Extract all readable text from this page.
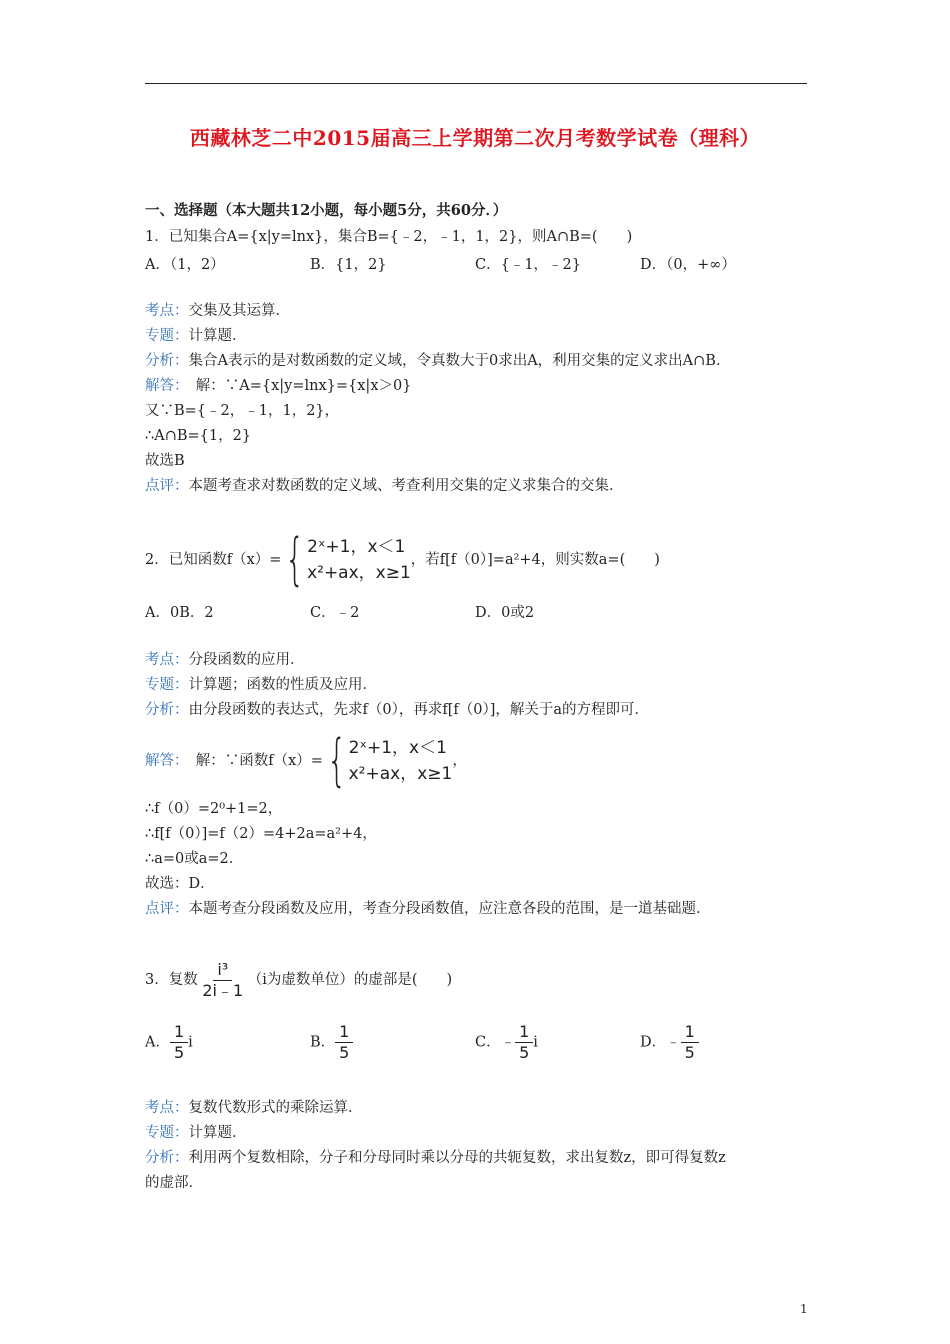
西藏林芝二中2015届高三上学期第二次月考数学试卷（理科）
一、选择题（本大题共12小题，每小题5分，共60分．）
1．已知集合A={x|y=lnx}，集合B={﹣2，﹣1，1，2}，则A∩B=(　　)
A．（1，2）	B．{1，2}	C．{﹣1，﹣2}	D．（0，+∞）
考点：交集及其运算．
专题：计算题．
分析：集合A表示的是对数函数的定义域，令真数大于0求出A，利用交集的定义求出A∩B．
解答：　解：∵A={x|y=lnx}={x|x＞0}
又∵B={﹣2，﹣1，1，2}，
∴A∩B={1，2}
故选B
点评：本题考查求对数函数的定义域、考查利用交集的定义求集合的交集．
2．已知函数f（x）= { 2ˣ+1，x＜1
x²+ax，x≥1
，若f[f（0）]=a²+4，则实数a=(　　)
A．0B．2	C．﹣2	D．0或2
考点：分段函数的应用．
专题：计算题；函数的性质及应用．
分析：由分段函数的表达式，先求f（0），再求f[f（0）]，解关于a的方程即可．
解答：　解：∵函数f（x）= { 2ˣ+1，x＜1
x²+ax，x≥1
，
∴f（0）=2⁰+1=2，
∴f[f（0）]=f（2）=4+2a=a²+4，
∴a=0或a=2．
故选：D．
点评：本题考查分段函数及应用，考查分段函数值，应注意各段的范围，是一道基础题．
3．复数 $\frac{\text{i³}}{2i﹣1} (i$为虚数单位）的虚部是(　　)
A． $\frac{1}{5}$ i	B． $\frac{1}{5}$	C．﹣ $\frac{1}{5}$ i	D．﹣ $\frac{1}{5}$
考点：复数代数形式的乘除运算．
专题：计算题．
分析：利用两个复数相除，分子和分母同时乘以分母的共轭复数，求出复数z，即可得复数z
的虚部．
1
